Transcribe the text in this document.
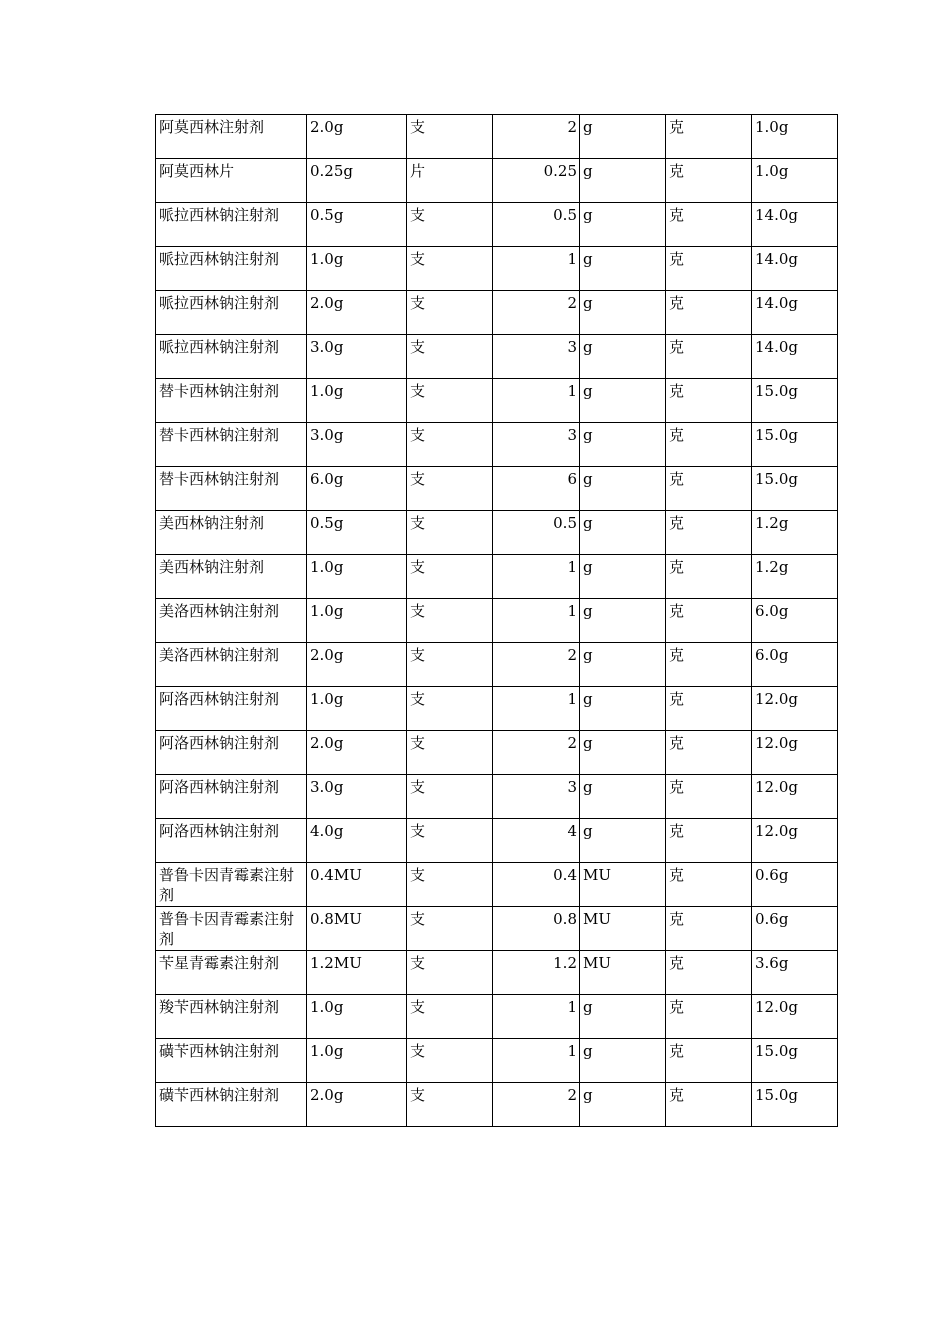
阿莫西林注射剂	2.0g	支	2	g	克	1.0g
阿莫西林片	0.25g	片	0.25	g	克	1.0g
哌拉西林钠注射剂	0.5g	支	0.5	g	克	14.0g
哌拉西林钠注射剂	1.0g	支	1	g	克	14.0g
哌拉西林钠注射剂	2.0g	支	2	g	克	14.0g
哌拉西林钠注射剂	3.0g	支	3	g	克	14.0g
替卡西林钠注射剂	1.0g	支	1	g	克	15.0g
替卡西林钠注射剂	3.0g	支	3	g	克	15.0g
替卡西林钠注射剂	6.0g	支	6	g	克	15.0g
美西林钠注射剂	0.5g	支	0.5	g	克	1.2g
美西林钠注射剂	1.0g	支	1	g	克	1.2g
美洛西林钠注射剂	1.0g	支	1	g	克	6.0g
美洛西林钠注射剂	2.0g	支	2	g	克	6.0g
阿洛西林钠注射剂	1.0g	支	1	g	克	12.0g
阿洛西林钠注射剂	2.0g	支	2	g	克	12.0g
阿洛西林钠注射剂	3.0g	支	3	g	克	12.0g
阿洛西林钠注射剂	4.0g	支	4	g	克	12.0g
普鲁卡因青霉素注射剂	0.4MU	支	0.4	MU	克	0.6g
普鲁卡因青霉素注射剂	0.8MU	支	0.8	MU	克	0.6g
苄星青霉素注射剂	1.2MU	支	1.2	MU	克	3.6g
羧苄西林钠注射剂	1.0g	支	1	g	克	12.0g
磺苄西林钠注射剂	1.0g	支	1	g	克	15.0g
磺苄西林钠注射剂	2.0g	支	2	g	克	15.0g
